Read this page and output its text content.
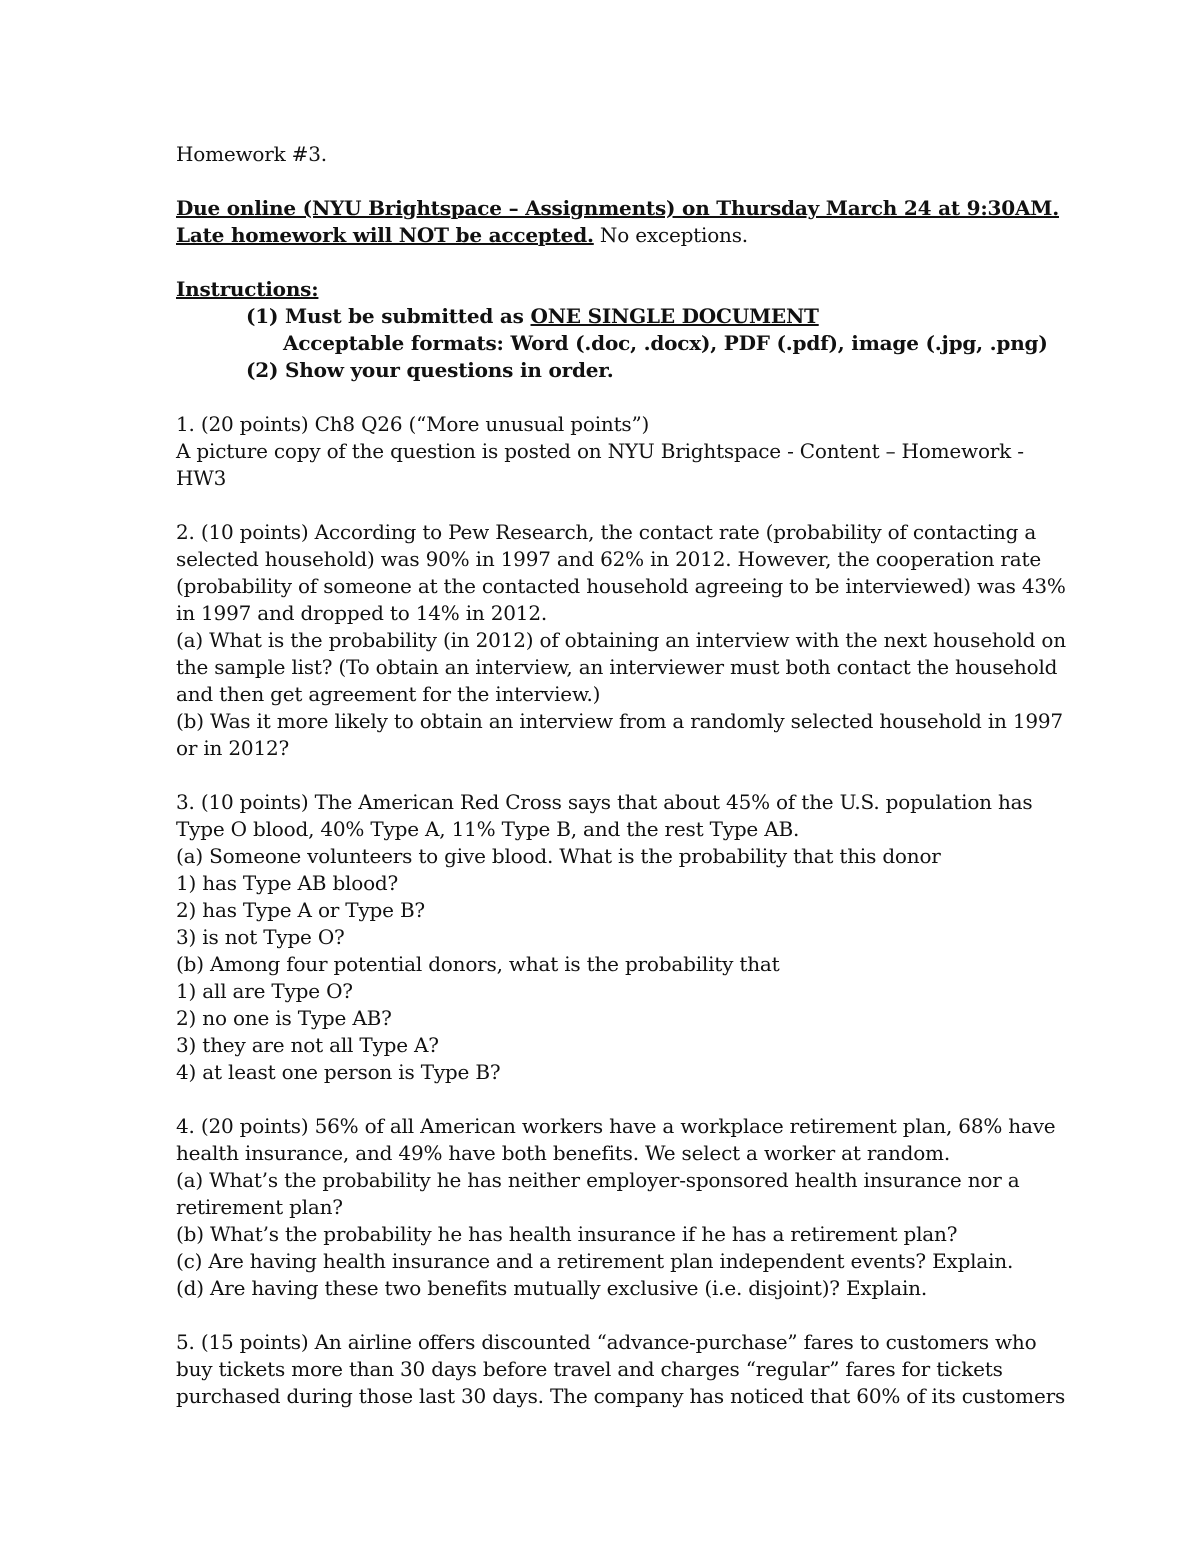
Homework #3.
Due online (NYU Brightspace – Assignments) on Thursday March 24 at 9:30AM.
Late homework will NOT be accepted. No exceptions.
Instructions:
(1) Must be submitted as ONE SINGLE DOCUMENT
Acceptable formats: Word (.doc, .docx), PDF (.pdf), image (.jpg, .png)
(2) Show your questions in order.
1. (20 points) Ch8 Q26 (“More unusual points”)
A picture copy of the question is posted on NYU Brightspace - Content – Homework -
HW3
2. (10 points) According to Pew Research, the contact rate (probability of contacting a
selected household) was 90% in 1997 and 62% in 2012. However, the cooperation rate
(probability of someone at the contacted household agreeing to be interviewed) was 43%
in 1997 and dropped to 14% in 2012.
(a) What is the probability (in 2012) of obtaining an interview with the next household on
the sample list? (To obtain an interview, an interviewer must both contact the household
and then get agreement for the interview.)
(b) Was it more likely to obtain an interview from a randomly selected household in 1997
or in 2012?
3. (10 points) The American Red Cross says that about 45% of the U.S. population has
Type O blood, 40% Type A, 11% Type B, and the rest Type AB.
(a) Someone volunteers to give blood. What is the probability that this donor
1) has Type AB blood?
2) has Type A or Type B?
3) is not Type O?
(b) Among four potential donors, what is the probability that
1) all are Type O?
2) no one is Type AB?
3) they are not all Type A?
4) at least one person is Type B?
4. (20 points) 56% of all American workers have a workplace retirement plan, 68% have
health insurance, and 49% have both benefits. We select a worker at random.
(a) What’s the probability he has neither employer-sponsored health insurance nor a
retirement plan?
(b) What’s the probability he has health insurance if he has a retirement plan?
(c) Are having health insurance and a retirement plan independent events? Explain.
(d) Are having these two benefits mutually exclusive (i.e. disjoint)? Explain.
5. (15 points) An airline offers discounted “advance-purchase” fares to customers who
buy tickets more than 30 days before travel and charges “regular” fares for tickets
purchased during those last 30 days. The company has noticed that 60% of its customers
